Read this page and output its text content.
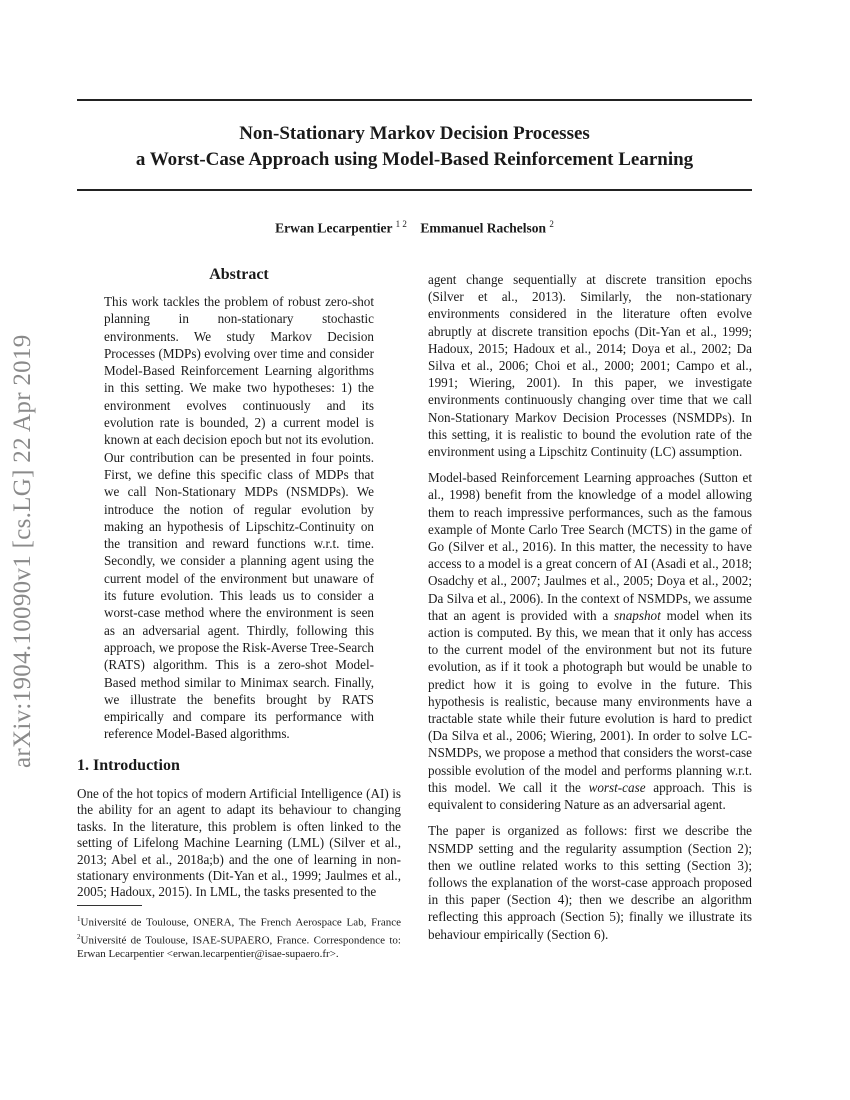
Non-Stationary Markov Decision Processes
a Worst-Case Approach using Model-Based Reinforcement Learning
Erwan Lecarpentier $^{1 2}$ Emmanuel Rachelson $^2$
arXiv:1904.10090v1 [cs.LG] 22 Apr 2019
Abstract
This work tackles the problem of robust zero-shot planning in non-stationary stochastic environments. We study Markov Decision Processes (MDPs) evolving over time and consider Model-Based Reinforcement Learning algorithms in this setting. We make two hypotheses: 1) the environment evolves continuously and its evolution rate is bounded, 2) a current model is known at each decision epoch but not its evolution. Our contribution can be presented in four points. First, we define this specific class of MDPs that we call Non-Stationary MDPs (NSMDPs). We introduce the notion of regular evolution by making an hypothesis of Lipschitz-Continuity on the transition and reward functions w.r.t. time. Secondly, we consider a planning agent using the current model of the environment but unaware of its future evolution. This leads us to consider a worst-case method where the environment is seen as an adversarial agent. Thirdly, following this approach, we propose the Risk-Averse Tree-Search (RATS) algorithm. This is a zero-shot Model-Based method similar to Minimax search. Finally, we illustrate the benefits brought by RATS empirically and compare its performance with reference Model-Based algorithms.
1. Introduction
One of the hot topics of modern Artificial Intelligence (AI) is the ability for an agent to adapt its behaviour to changing tasks. In the literature, this problem is often linked to the setting of Lifelong Machine Learning (LML) (Silver et al., 2013; Abel et al., 2018a;b) and the one of learning in non-stationary environments (Dit-Yan et al., 1999; Jaulmes et al., 2005; Hadoux, 2015). In LML, the tasks presented to the
$^1$Université de Toulouse, ONERA, The French Aerospace Lab, France $^2$Université de Toulouse, ISAE-SUPAERO, France. Correspondence to: Erwan Lecarpentier <erwan.lecarpentier@isae-supaero.fr>.

agent change sequentially at discrete transition epochs (Silver et al., 2013). Similarly, the non-stationary environments considered in the literature often evolve abruptly at discrete transition epochs (Dit-Yan et al., 1999; Hadoux, 2015; Hadoux et al., 2014; Doya et al., 2002; Da Silva et al., 2006; Choi et al., 2000; 2001; Campo et al., 1991; Wiering, 2001). In this paper, we investigate environments continuously changing over time that we call Non-Stationary Markov Decision Processes (NSMDPs). In this setting, it is realistic to bound the evolution rate of the environment using a Lipschitz Continuity (LC) assumption.

Model-based Reinforcement Learning approaches (Sutton et al., 1998) benefit from the knowledge of a model allowing them to reach impressive performances, such as the famous example of Monte Carlo Tree Search (MCTS) in the game of Go (Silver et al., 2016). In this matter, the necessity to have access to a model is a great concern of AI (Asadi et al., 2018; Osadchy et al., 2007; Jaulmes et al., 2005; Doya et al., 2002; Da Silva et al., 2006). In the context of NSMDPs, we assume that an agent is provided with a snapshot model when its action is computed. By this, we mean that it only has access to the current model of the environment but not its future evolution, as if it took a photograph but would be unable to predict how it is going to evolve in the future. This hypothesis is realistic, because many environments have a tractable state while their future evolution is hard to predict (Da Silva et al., 2006; Wiering, 2001). In order to solve LC-NSMDPs, we propose a method that considers the worst-case possible evolution of the model and performs planning w.r.t. this model. We call it the worst-case approach. This is equivalent to considering Nature as an adversarial agent.

The paper is organized as follows: first we describe the NSMDP setting and the regularity assumption (Section 2); then we outline related works to this setting (Section 3); follows the explanation of the worst-case approach proposed in this paper (Section 4); then we describe an algorithm reflecting this approach (Section 5); finally we illustrate its behaviour empirically (Section 6).
